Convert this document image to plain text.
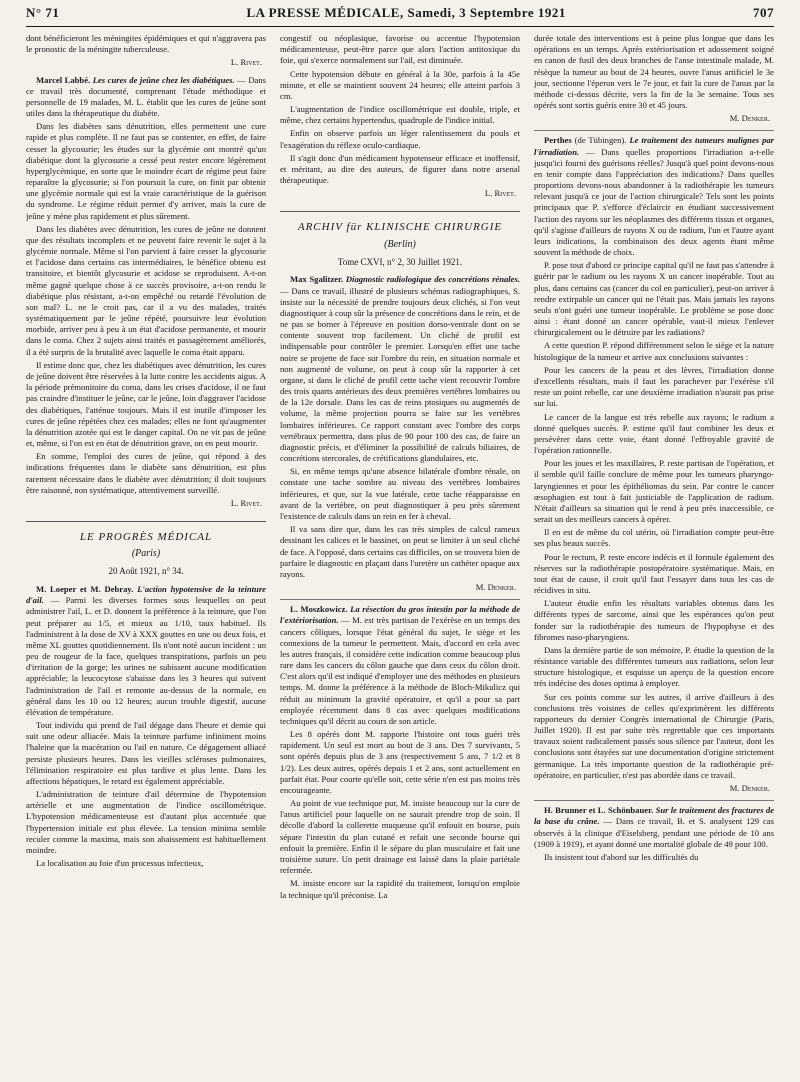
N° 71	LA PRESSE MÉDICALE, Samedi, 3 Septembre 1921	707

dont bénéficieront les méningites épidémiques et qui n'aggravera pas le pronostic de la méningite tuberculeuse.

L. Rivet.

Marcel Labbé. Les cures de jeûne chez les diabétiques. — Dans ce travail très documenté, comprenant l'étude méthodique et personnelle de 19 malades, M. L. établit que les cures de jeûne sont utiles dans la thérapeutique du diabète.

Dans les diabètes sans dénutrition, elles permettent une cure rapide et plus complète. Il ne faut pas se contenter, en effet, de faire cesser la glycosurie; les études sur la glycémie ont montré qu'un diabétique dont la glycosurie a cessé peut rester encore légèrement hyperglycémique, en sorte que le moindre écart de régime peut faire reparaître la glycosurie; si l'on poursuit la cure, on finit par obtenir une glycémie normale qui est la vraie caractéristique de la guérison du syndrome. Le régime réduit permet d'y arriver, mais la cure de jeûne y mène plus rapidement et plus sûrement.

Dans les diabètes avec dénutrition, les cures de jeûne ne donnent que des résultats incomplets et ne peuvent faire revenir le sujet à la glycémie normale. Même si l'on parvient à faire cesser la glycosurie et l'acidose dans certains cas intermédiaires, le bénéfice obtenu est transitoire, et bientôt glycosurie et acidose se reproduisent. A-t-on même gagné quelque chose à ce succès provisoire, a-t-on rendu le diabétique plus résistant, a-t-on empêché ou retardé l'évolution de son mal? L. ne le croit pas, car il a vu des malades, traités systématiquement par le jeûne répété, poursuivre leur évolution morbide, arriver peu à peu à un état d'acidose permanente, et mourir dans le coma. Chez 2 sujets ainsi traités et passagèrement améliorés, il a été surpris de la brutalité avec laquelle le coma était apparu.

Il estime donc que, chez les diabétiques avec dénutrition, les cures de jeûne doivent être réservées à la lutte contre les accidents aigus. A la période prémonitoire du coma, dans les crises d'acidose, il ne faut pas craindre d'instituer le jeûne, car le jeûne, loin d'aggraver l'acidose des diabétiques, l'atténue toujours. Mais il est inutile d'imposer les cures de jeûne répétées chez ces malades; elles ne font qu'augmenter la dénutrition azotée qui est le danger capital. On ne vit pas de jeûne et, même, si l'on est en état de dénutrition grave, on en peut mourir.

En somme, l'emploi des cures de jeûne, qui répond à des indications fréquentes dans le diabète sans dénutrition, est plus rarement nécessaire dans le diabète avec dénutrition; il doit toujours être raisonné, non systématique, attentivement surveillé.

L. Rivet.
LE PROGRÈS MÉDICAL
(Paris)
20 Août 1921, n° 34.

M. Loeper et M. Debray. L'action hypotensive de la teinture d'ail. — Parmi les diverses formes sous lesquelles on peut administrer l'ail, L. et D. donnent la préférence à la teinture, que l'on peut préparer au 1/5, et mieux au 1/10, taux habituel. Ils l'administrent à la dose de XV à XXX gouttes en une ou deux fois, et même XL gouttes quotidiennement. Ils n'ont noté aucun incident : un peu de rougeur de la face, quelques transpirations, parfois un peu d'irritation de la gorge; les urines ne subissent aucune modification appréciable; la leucocytose s'abaisse dans les 3 heures qui suivent l'administration de l'ail et remonte au-dessus de la normale, en général dans les 10 ou 12 heures; aucun trouble digestif, aucune élévation de température.

Tout individu qui prend de l'ail dégage dans l'heure et demie qui suit une odeur alliacée. Mais la teinture parfume infiniment moins l'haleine que la macération ou l'ail en nature. Ce dégagement alliacé persiste plusieurs heures. Dans les vieilles scléroses pulmonaires, l'élimination respiratoire est plus tardive et plus lente. Dans les affections hépatiques, le retard est également appréciable.

L'administration de teinture d'ail détermine de l'hypotension artérielle et une augmentation de l'indice oscillométrique. L'hypotension médicamenteuse est d'autant plus accentuée que l'hypertension initiale est plus élevée. La tension minima semble reculer comme la maxima, mais son abaissement est habituellement moindre.

La localisation au foie d'un processus infectieux,

congestif ou néoplasique, favorise ou accentue l'hypotension médicamenteuse, peut-être parce que alors l'action antitoxique du foie, qui s'exerce normalement sur l'ail, est diminuée.

Cette hypotension débute en général à la 30e, parfois à la 45e minute, et elle se maintient souvent 24 heures; elle atteint parfois 3 cm.

L'augmentation de l'indice oscillométrique est double, triple, et même, chez certains hypertendus, quadruple de l'indice initial.

Enfin on observe parfois un léger ralentissement du pouls et l'exagération du réflexe oculo-cardiaque.

Il s'agit donc d'un médicament hypotenseur efficace et inoffensif, et méritant, au dire des auteurs, de figurer dans notre arsenal thérapeutique.

L. Rivet.
ARCHIV für KLINISCHE CHIRURGIE
(Berlin)
Tome CXVI, n° 2, 30 Juillet 1921.

Max Sgalitzer. Diagnostic radiologique des concrétions rénales. — Dans ce travail, illustré de plusieurs schémas radiographiques, S. insiste sur la nécessité de prendre toujours deux clichés, si l'on veut diagnostiquer à coup sûr la présence de concrétions dans le rein, et de ne pas se borner à l'épreuve en position dorso-ventrale dont on se contente souvent trop facilement. Un cliché de profil est indispensable pour contrôler le premier. Lorsqu'en effet une tache noire se projette de face sur l'ombre du rein, en situation normale et non augmenté de volume, on peut à coup sûr la rapporter à cet organe, si dans le cliché de profil cette tache vient recouvrir l'ombre des trois quarts antérieurs des deux premières vertèbres lombaires ou de la 12e dorsale. Dans les cas de reins ptosiques ou augmentés de volume, la même projection pourra se faire sur les vertèbres lombaires inférieures. Ce rapport constant avec l'ombre des corps vertébraux permettra, dans plus de 90 pour 100 des cas, de faire un diagnostic précis, et d'éliminer la possibilité de calculs biliaires, de concrétions stercorales, de crétifications glandulaires, etc.

Si, en même temps qu'une absence bilatérale d'ombre rénale, on constate une tache sombre au niveau des vertèbres lombaires inférieures, et que, sur la vue latérale, cette tache réapparaisse en avant de la vertèbre, on peut diagnostiquer à peu près sûrement l'existence de calculs dans un rein en fer à cheval.

Il va sans dire que, dans les cas très simples de calcul rameux dessinant les calices et le bassinet, on peut se limiter à un seul cliché de face. A l'opposé, dans certains cas difficiles, on se trouvera bien de parfaire le diagnostic en plaçant dans l'uretère un cathéter opaque aux rayons.

M. Denker.

L. Moszkowicz. La résection du gros intestin par la méthode de l'extériorisation. — M. est très partisan de l'exérèse en un temps des cancers côliques, lorsque l'état général du sujet, le siège et les connexions de la tumeur le permettent. Mais, d'accord en cela avec les autres français, il considère cette indication comme beaucoup plus rare dans les cancers du côlon gauche que dans ceux du côlon droit. C'est alors qu'il est indiqué d'employer une des méthodes en plusieurs temps. M. donne la préférence à la méthode de Bloch-Mikulicz qui réduit au minimum la gravité opératoire, et qu'il a pour sa part employée récemment dans 8 cas avec quelques modifications techniques qu'il décrit au cours de son article.

Les 8 opérés dont M. rapporte l'histoire ont tous guéri très rapidement. Un seul est mort au bout de 3 ans. Des 7 survivants, 5 sont opérés depuis plus de 3 ans (respectivement 5 ans, 7 1/2 et 8 1/2). Les deux autres, opérés depuis 1 et 2 ans, sont actuellement en parfait état. Pour courte qu'elle soit, cette série n'en est pas moins très encourageante.

Au point de vue technique pur, M. insiste beaucoup sur la cure de l'anus artificiel pour laquelle on ne saurait prendre trop de soin. Il décolle d'abord la collerette muqueuse qu'il enfouit en bourse, puis sépare l'intestin du plan cutané et refait une seconde bourse qui enfouit la première. Enfin il le sépare du plan musculaire et fait une troisième suture. Un petit drainage est laissé dans la plaie pariétale refermée.

M. insiste encore sur la rapidité du traitement, lorsqu'on emploie la technique qu'il préconise. La

durée totale des interventions est à peine plus longue que dans les opérations en un temps. Après extériorisation et adossement soigné en canon de fusil des deux branches de l'anse intestinale malade, M. résèque la tumeur au bout de 24 heures, ouvre l'anus artificiel le 3e jour, sectionne l'éperon vers le 7e jour, et fait la cure de l'anus par la méthode ci-dessus décrite, vers la fin de la 3e semaine. Tous ses opérés sont sortis guéris entre 30 et 45 jours.

M. Denker.

Perthes (de Tübingen). Le traitement des tumeurs malignes par l'irradiation. — Dans quelles proportions l'irradiation a-t-elle jusqu'ici fourni des guérisons réelles? Jusqu'à quel point devons-nous en tenir compte dans l'appréciation des indications? Dans quelles proportions devons-nous abandonner à la radiothérapie les tumeurs relevant jusqu'à ce jour de l'action chirurgicale? Tels sont les points principaux que P. s'efforce d'éclaircir en étudiant successivement l'action des rayons sur les néoplasmes des différents tissus et organes, qu'il s'agisse d'ailleurs de rayons X ou de radium, l'un et l'autre ayant leurs indications, la combinaison des deux agents étant même souvent la méthode de choix.

P. pose tout d'abord ce principe capital qu'il ne faut pas s'attendre à guérir par le radium ou les rayons X un cancer inopérable. Tout au plus, dans certains cas (cancer du col en particulier), peut-on arriver à rendre extirpable un cancer qui ne l'était pas. Mais jamais les rayons seuls n'ont guéri une tumeur inopérable. Le problème se pose donc ainsi : étant donné un cancer opérable, vaut-il mieux l'enlever chirurgicalement ou le détruire par les radiations?

A cette question P. répond différemment selon le siège et la nature histologique de la tumeur et arrive aux conclusions suivantes :

Pour les cancers de la peau et des lèvres, l'irradiation donne d'excellents résultats, mais il faut les parachever par l'exérèse s'il reste un point rebelle, car une deuxième irradiation n'aurait pas prise sur lui.

Le cancer de la langue est très rebelle aux rayons; le radium a donné quelques succès. P. estime qu'il faut combiner les deux et persévérer dans cette voie, étant donné l'effroyable gravité de l'opération rationnelle.

Pour les joues et les maxillaires, P. reste partisan de l'opération, et il semble qu'il faille conclure de même pour les tumeurs pharyngo-laryngiennes et pour les épithéliomas du sein. Par contre le cancer œsophagien est tout à fait justiciable de l'application de radium. N'était d'ailleurs sa situation qui le rend à peu près inaccessible, ce serait un des meilleurs cancers à opérer.

Il en est de même du col utérin, où l'irradiation compte peut-être ses plus beaux succès.

Pour le rectum, P. reste encore indécis et il formule également des réserves sur la radiothérapie postopératoire systématique. Mais, en tout état de cause, il croit qu'il faut l'essayer dans tous les cas de récidives in situ.

L'auteur étudie enfin les résultats variables obtenus dans les différents types de sarcome, ainsi que les espérances qu'on peut fonder sur la radiothérapie des tumeurs de l'hypophyse et des fibromes naso-pharyngiens.

Dans la dernière partie de son mémoire, P. étudie la question de la résistance variable des différentes tumeurs aux radiations, selon leur structure histologique, et esquisse un aperçu de la question encore très indécise des doses optima à employer.

Sur ces points comme sur les autres, il arrive d'ailleurs à des conclusions très voisines de celles qu'exprimèrent les différents rapporteurs du dernier Congrès international de Chirurgie (Paris, Juillet 1920). Il est par suite très regrettable que ces importants travaux soient radicalement passés sous silence par l'auteur, dont les conclusions sont étayées sur une documentation d'origine strictement germanique. La très importante question de la radiothérapie pré-opératoire, en particulier, n'est pas abordée dans ce travail.

M. Denker.

H. Brunner et L. Schönbauer. Sur le traitement des fractures de la base du crâne. — Dans ce travail, B. et S. analysent 129 cas observés à la clinique d'Eiselsberg, pendant une période de 10 ans (1909 à 1919), et ayant donné une mortalité globale de 49 pour 100.

Ils insistent tout d'abord sur les difficultés du
